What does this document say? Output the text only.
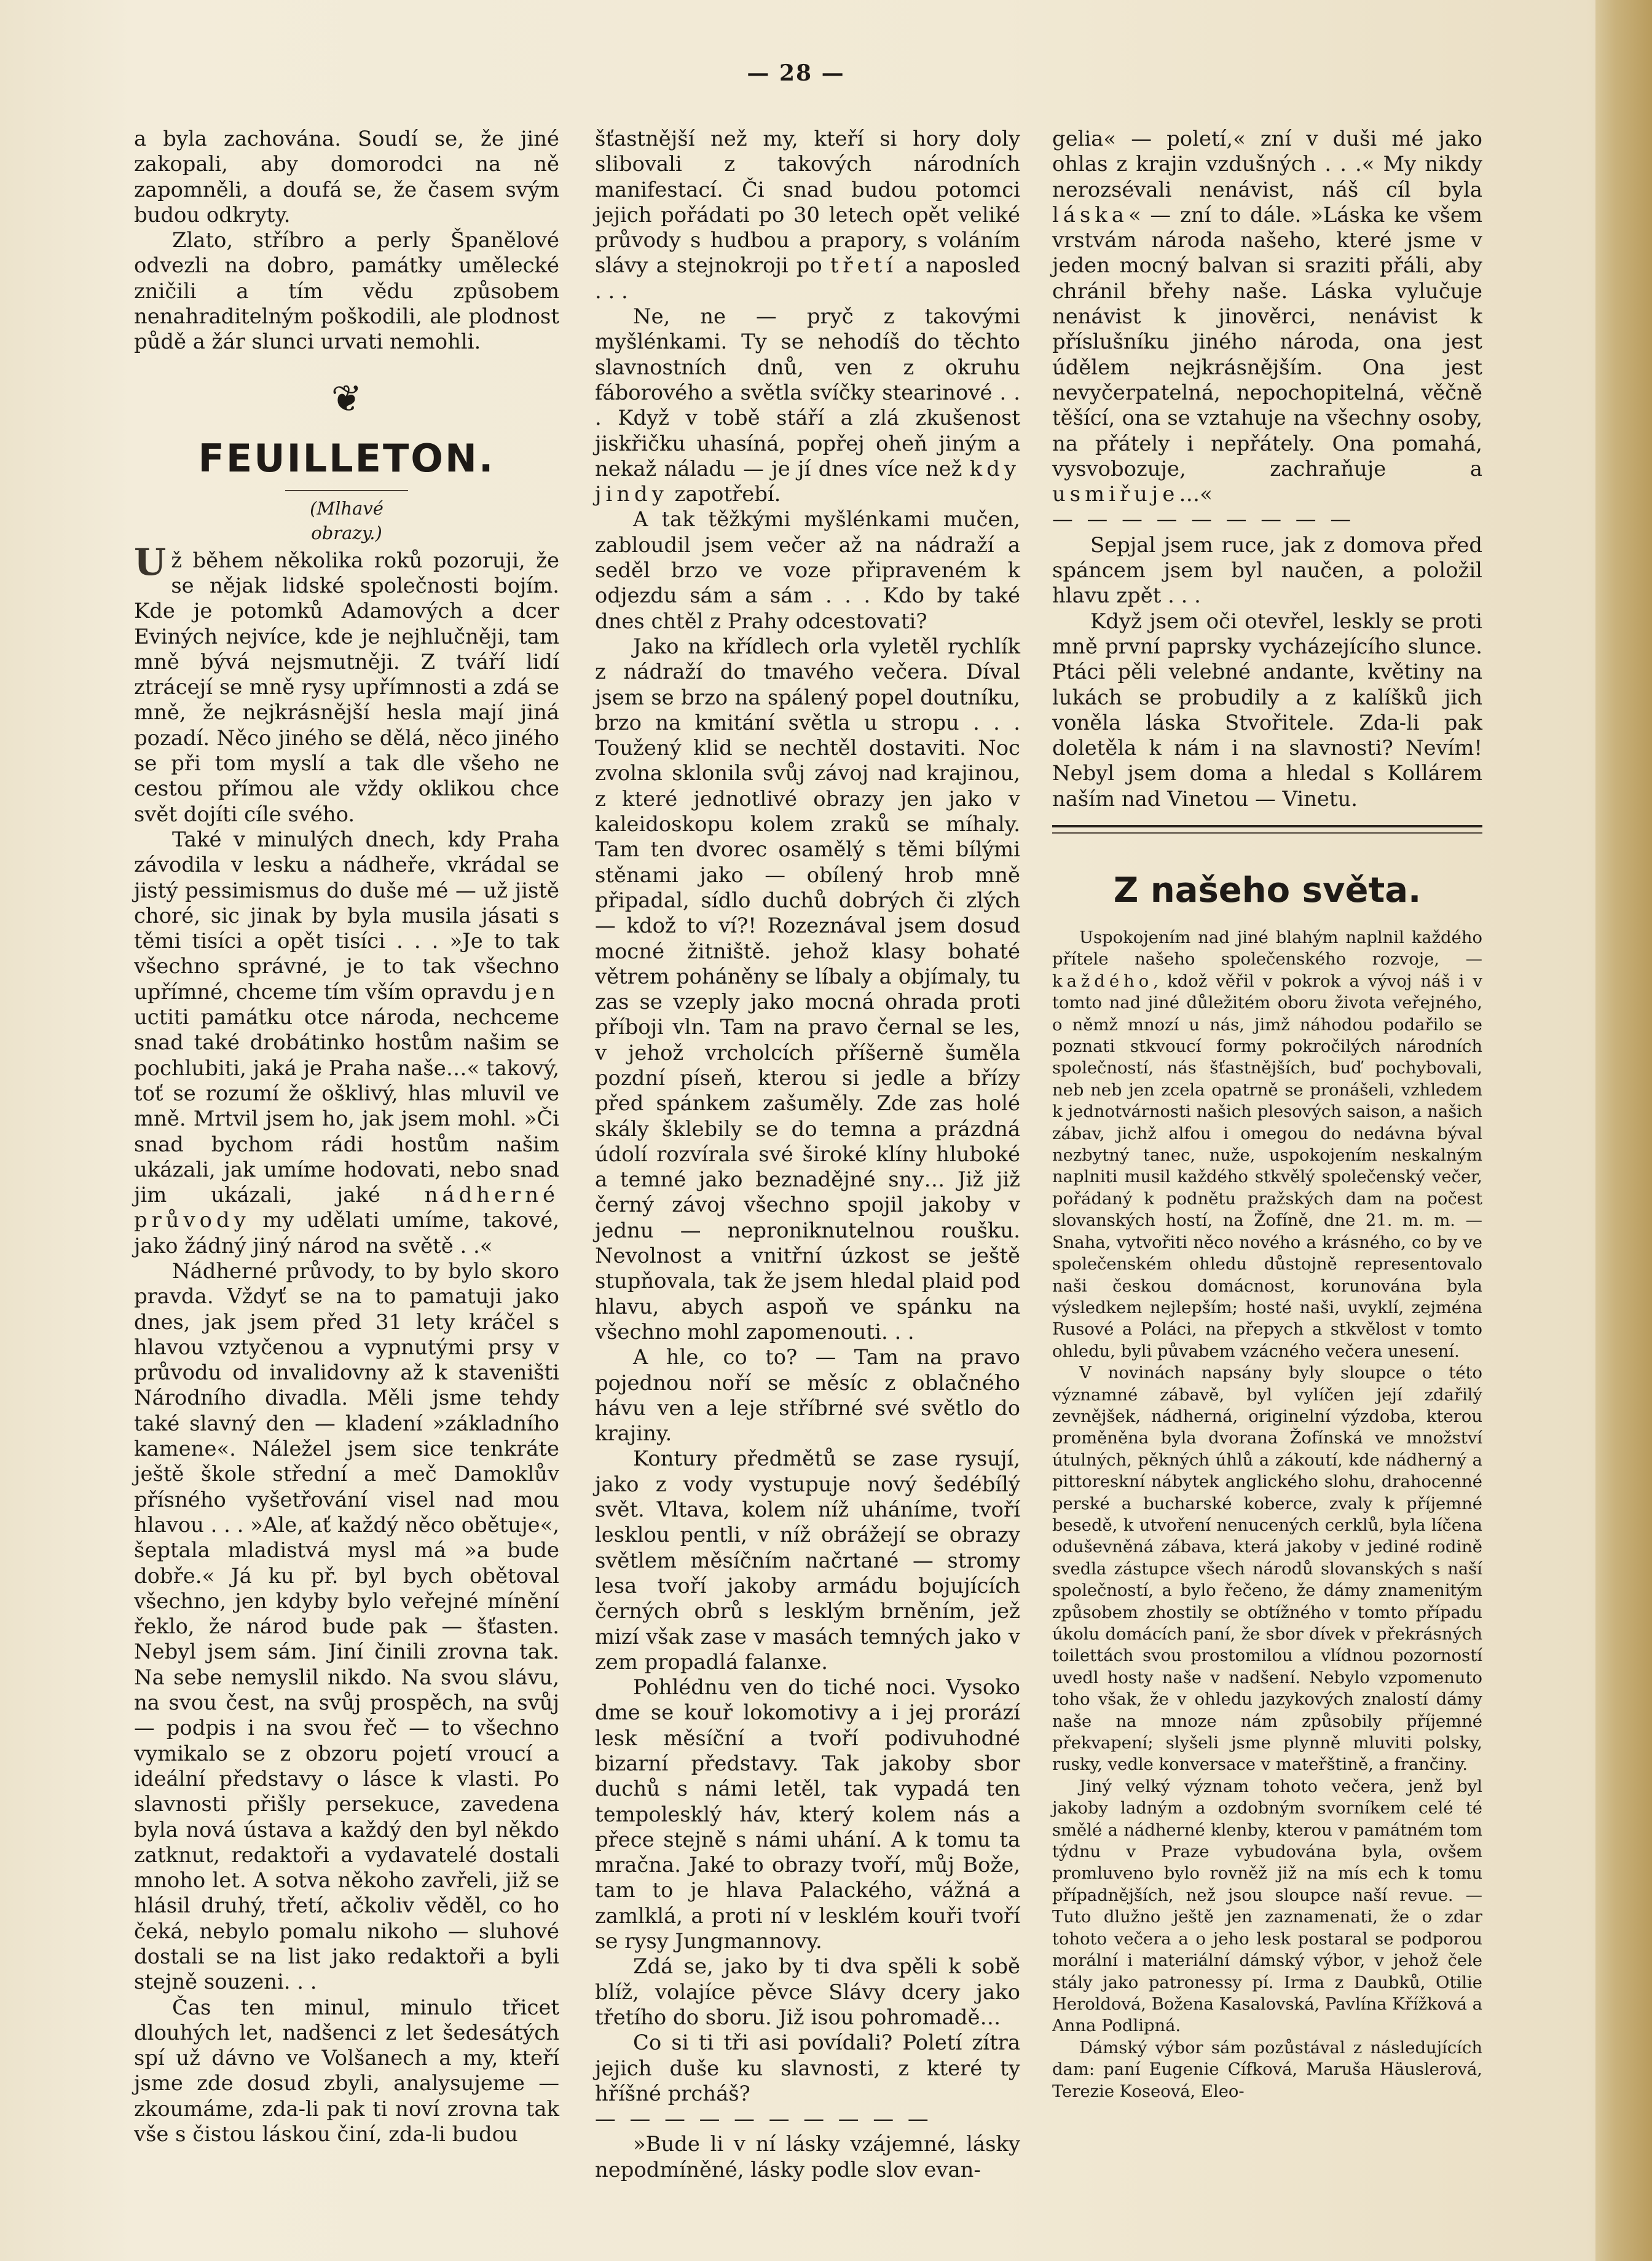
— 28 —

a byla zachována. Soudí se, že jiné zakopali, aby domorodci na ně zapomněli, a doufá se, že časem svým budou odkryty.

Zlato, stříbro a perly Španělové odvezli na dobro, památky umělecké zničili a tím vědu způsobem nenahraditelným poškodili, ale plodnost půdě a žár slunci urvati nemohli.

❦
FEUILLETON.
(Mlhavé obrazy.)

Už během několika roků pozoruji, že se nějak lidské společnosti bojím. Kde je potomků Adamových a dcer Eviných nejvíce, kde je nejhlučněji, tam mně bývá nejsmutněji. Z tváří lidí ztrácejí se mně rysy upřímnosti a zdá se mně, že nejkrásnější hesla mají jiná pozadí. Něco jiného se dělá, něco jiného se při tom myslí a tak dle všeho ne cestou přímou ale vždy oklikou chce svět dojíti cíle svého.

Také v minulých dnech, kdy Praha závodila v lesku a nádheře, vkrádal se jistý pessimismus do duše mé — už jistě choré, sic jinak by byla musila jásati s těmi tisíci a opět tisíci . . . »Je to tak všechno správné, je to tak všechno upřímné, chceme tím vším opravdu jen uctiti památku otce národa, nechceme snad také drobátinko hostům našim se pochlubiti, jaká je Praha naše…« takový, toť se rozumí že ošklivý, hlas mluvil ve mně. Mrtvil jsem ho, jak jsem mohl. »Či snad bychom rádi hostům našim ukázali, jak umíme hodovati, nebo snad jim ukázali, jaké nádherné průvody my udělati umíme, takové, jako žádný jiný národ na světě . .«

Nádherné průvody, to by bylo skoro pravda. Vždyť se na to pamatuji jako dnes, jak jsem před 31 lety kráčel s hlavou vztyčenou a vypnutými prsy v průvodu od invalidovny až k staveništi Národního divadla. Měli jsme tehdy také slavný den — kladení »základního kamene«. Náležel jsem sice tenkráte ještě škole střední a meč Damoklův přísného vyšetřování visel nad mou hlavou . . . »Ale, ať každý něco obětuje«, šeptala mladistvá mysl má »a bude dobře.« Já ku př. byl bych obětoval všechno, jen kdyby bylo veřejné mínění řeklo, že národ bude pak — šťasten. Nebyl jsem sám. Jiní činili zrovna tak. Na sebe nemyslil nikdo. Na svou slávu, na svou čest, na svůj prospěch, na svůj — podpis i na svou řeč — to všechno vymikalo se z obzoru pojetí vroucí a ideální představy o lásce k vlasti. Po slavnosti přišly persekuce, zavedena byla nová ústava a každý den byl někdo zatknut, redaktoři a vydavatelé dostali mnoho let. A sotva někoho zavřeli, již se hlásil druhý, třetí, ačkoliv věděl, co ho čeká, nebylo pomalu nikoho — sluhové dostali se na list jako redaktoři a byli stejně souzeni. . .

Čas ten minul, minulo třicet dlouhých let, nadšenci z let šedesátých spí už dávno ve Volšanech a my, kteří jsme zde dosud zbyli, analysujeme — zkoumáme, zda-li pak ti noví zrovna tak vše s čistou láskou činí, zda-li budou

šťastnější než my, kteří si hory doly slibovali z takových národních manifestací. Či snad budou potomci jejich pořádati po 30 letech opět veliké průvody s hudbou a prapory, s voláním slávy a stejnokroji po třetí a naposled . . .

Ne, ne — pryč z takovými myšlénkami. Ty se nehodíš do těchto slavnostních dnů, ven z okruhu fáborového a světla svíčky stearinové . . . Když v tobě stáří a zlá zkušenost jiskřičku uhasíná, popřej oheň jiným a nekaž náladu — je jí dnes více než kdy jindy zapotřebí.

A tak těžkými myšlénkami mučen, zabloudil jsem večer až na nádraží a seděl brzo ve voze připraveném k odjezdu sám a sám . . . Kdo by také dnes chtěl z Prahy odcestovati?

Jako na křídlech orla vyletěl rychlík z nádraží do tmavého večera. Díval jsem se brzo na spálený popel doutníku, brzo na kmitání světla u stropu . . . Toužený klid se nechtěl dostaviti. Noc zvolna sklonila svůj závoj nad krajinou, z které jednotlivé obrazy jen jako v kaleidoskopu kolem zraků se míhaly. Tam ten dvorec osamělý s těmi bílými stěnami jako — obílený hrob mně připadal, sídlo duchů dobrých či zlých — kdož to ví?! Rozeznával jsem dosud mocné žitniště. jehož klasy bohaté větrem poháněny se líbaly a objímaly, tu zas se vzeply jako mocná ohrada proti příboji vln. Tam na pravo černal se les, v jehož vrcholcích příšerně šuměla pozdní píseň, kterou si jedle a břízy před spánkem zašuměly. Zde zas holé skály šklebily se do temna a prázdná údolí rozvírala své široké klíny hluboké a temné jako beznadějné sny… Již již černý závoj všechno spojil jakoby v jednu — neproniknutelnou roušku. Nevolnost a vnitřní úzkost se ještě stupňovala, tak že jsem hledal plaid pod hlavu, abych aspoň ve spánku na všechno mohl zapomenouti. . .

A hle, co to? — Tam na pravo pojednou noří se měsíc z oblačného hávu ven a leje stříbrné své světlo do krajiny.

Kontury předmětů se zase rysují, jako z vody vystupuje nový šedébílý svět. Vltava, kolem níž uháníme, tvoří lesklou pentli, v níž obrážejí se obrazy světlem měsíčním načrtané — stromy lesa tvoří jakoby armádu bojujících černých obrů s lesklým brněním, jež mizí však zase v masách temných jako v zem propadlá falanxe.

Pohlédnu ven do tiché noci. Vysoko dme se kouř lokomotivy a i jej prorází lesk měsíční a tvoří podivuhodné bizarní představy. Tak jakoby sbor duchů s námi letěl, tak vypadá ten tempolesklý háv, který kolem nás a přece stejně s námi uhání. A k tomu ta mračna. Jaké to obrazy tvoří, můj Bože, tam to je hlava Palackého, vážná a zamlklá, a proti ní v lesklém kouři tvoří se rysy Jungmannovy.

Zdá se, jako by ti dva spěli k sobě blíž, volajíce pěvce Slávy dcery jako třetího do sboru. Již isou pohromadě…

Co si ti tři asi povídali? Poletí zítra jejich duše ku slavnosti, z které ty hříšné prcháš?

— — — — — — — — — —

»Bude li v ní lásky vzájemné, lásky nepodmíněné, lásky podle slov evan-

gelia« — poletí,« zní v duši mé jako ohlas z krajin vzdušných . . .« My nikdy nerozsévali nenávist, náš cíl byla láska« — zní to dále. »Láska ke všem vrstvám národa našeho, které jsme v jeden mocný balvan si sraziti přáli, aby chránil břehy naše. Láska vylučuje nenávist k jinověrci, nenávist k příslušníku jiného národa, ona jest údělem nejkrásnějším. Ona jest nevyčerpatelná, nepochopitelná, věčně těšící, ona se vztahuje na všechny osoby, na přátely i nepřátely. Ona pomahá, vysvobozuje, zachraňuje a usmiřuje…«

— — — — — — — — —

Sepjal jsem ruce, jak z domova před spáncem jsem byl naučen, a položil hlavu zpět . . .

Když jsem oči otevřel, leskly se proti mně první paprsky vycházejícího slunce. Ptáci pěli velebné andante, květiny na lukách se probudily a z kalíšků jich voněla láska Stvořitele. Zda-li pak doletěla k nám i na slavnosti? Nevím! Nebyl jsem doma a hledal s Kollárem naším nad Vinetou — Vinetu.

Z našeho světa.

Uspokojením nad jiné blahým naplnil každého přítele našeho společenského rozvoje, — každého, kdož věřil v pokrok a vývoj náš i v tomto nad jiné důležitém oboru života veřejného, o němž mnozí u nás, jimž náhodou podařilo se poznati stkvoucí formy pokročilých národních společností, nás šťastnějších, buď pochybovali, neb neb jen zcela opatrně se pronášeli, vzhledem k jednotvárnosti našich plesových saison, a našich zábav, jichž alfou i omegou do nedávna býval nezbytný tanec, nuže, uspokojením neskalným naplniti musil každého stkvělý společenský večer, pořádaný k podnětu pražských dam na počest slovanských hostí, na Žofíně, dne 21. m. m. — Snaha, vytvořiti něco nového a krásného, co by ve společenském ohledu důstojně representovalo naši českou domácnost, korunována byla výsledkem nejlepším; hosté naši, uvyklí, zejména Rusové a Poláci, na přepych a stkvělost v tomto ohledu, byli půvabem vzácného večera unesení.

V novinách napsány byly sloupce o této významné zábavě, byl vylíčen její zdařilý zevnějšek, nádherná, originelní výzdoba, kterou proměněna byla dvorana Žofínská ve množství útulných, pěkných úhlů a zákoutí, kde nádherný a pittoreskní nábytek anglického slohu, drahocenné perské a bucharské koberce, zvaly k příjemné besedě, k utvoření nenucených cerklů, byla líčena oduševněná zábava, která jakoby v jediné rodině svedla zástupce všech národů slovanských s naší společností, a bylo řečeno, že dámy znamenitým způsobem zhostily se obtížného v tomto případu úkolu domácích paní, že sbor dívek v překrásných toilettách svou prostomilou a vlídnou pozorností uvedl hosty naše v nadšení. Nebylo vzpomenuto toho však, že v ohledu jazykových znalostí dámy naše na mnoze nám způsobily příjemné překvapení; slyšeli jsme plynně mluviti polsky, rusky, vedle konversace v mateřštině, a frančiny.

Jiný velký význam tohoto večera, jenž byl jakoby ladným a ozdobným svorníkem celé té smělé a nádherné klenby, kterou v památném tom týdnu v Praze vybudována byla, ovšem promluveno bylo rovněž již na mís ech k tomu případnějších, než jsou sloupce naší revue. — Tuto dlužno ještě jen zaznamenati, že o zdar tohoto večera a o jeho lesk postaral se podporou morální i materiální dámský výbor, v jehož čele stály jako patronessy pí. Irma z Daubků, Otilie Heroldová, Božena Kasalovská, Pavlína Křížková a Anna Podlipná.

Dámský výbor sám pozůstával z následujících dam: paní Eugenie Cífková, Maruša Häuslerová, Terezie Koseová, Eleo-
